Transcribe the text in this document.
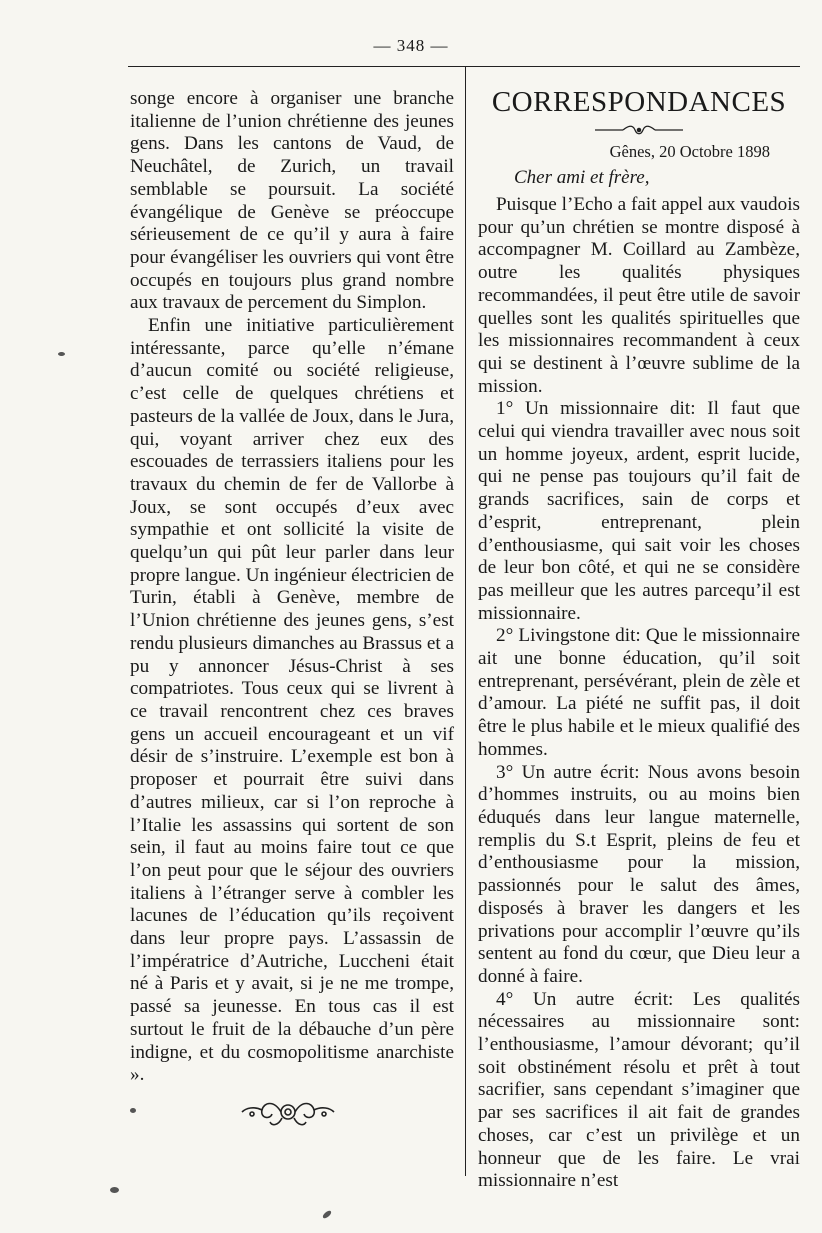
— 348 —

songe encore à organiser une branche italienne de l’union chrétienne des jeunes gens. Dans les cantons de Vaud, de Neuchâtel, de Zurich, un travail semblable se poursuit. La société évangélique de Genève se préoccupe sérieusement de ce qu’il y aura à faire pour évangéliser les ouvriers qui vont être occupés en toujours plus grand nombre aux travaux de percement du Simplon.

Enfin une initiative particulièrement intéressante, parce qu’elle n’émane d’aucun comité ou société religieuse, c’est celle de quelques chrétiens et pasteurs de la vallée de Joux, dans le Jura, qui, voyant arriver chez eux des escouades de terrassiers italiens pour les travaux du chemin de fer de Vallorbe à Joux, se sont occupés d’eux avec sympathie et ont sollicité la visite de quelqu’un qui pût leur parler dans leur propre langue. Un ingénieur électricien de Turin, établi à Genève, membre de l’Union chrétienne des jeunes gens, s’est rendu plusieurs dimanches au Brassus et a pu y annoncer Jésus-Christ à ses compatriotes. Tous ceux qui se livrent à ce travail rencontrent chez ces braves gens un accueil encourageant et un vif désir de s’instruire. L’exemple est bon à proposer et pourrait être suivi dans d’autres milieux, car si l’on reproche à l’Italie les assassins qui sortent de son sein, il faut au moins faire tout ce que l’on peut pour que le séjour des ouvriers italiens à l’étranger serve à combler les lacunes de l’éducation qu’ils reçoivent dans leur propre pays. L’assassin de l’impératrice d’Autriche, Luccheni était né à Paris et y avait, si je ne me trompe, passé sa jeunesse. En tous cas il est surtout le fruit de la débauche d’un père indigne, et du cosmopolitisme anarchiste ».

CORRESPONDANCES

Gênes, 20 Octobre 1898

Cher ami et frère,

Puisque l’Echo a fait appel aux vaudois pour qu’un chrétien se montre disposé à accompagner M. Coillard au Zambèze, outre les qualités physiques recommandées, il peut être utile de savoir quelles sont les qualités spirituelles que les missionnaires recommandent à ceux qui se destinent à l’œuvre sublime de la mission.

1° Un missionnaire dit: Il faut que celui qui viendra travailler avec nous soit un homme joyeux, ardent, esprit lucide, qui ne pense pas toujours qu’il fait de grands sacrifices, sain de corps et d’esprit, entreprenant, plein d’enthousiasme, qui sait voir les choses de leur bon côté, et qui ne se considère pas meilleur que les autres parcequ’il est missionnaire.

2° Livingstone dit: Que le missionnaire ait une bonne éducation, qu’il soit entreprenant, persévérant, plein de zèle et d’amour. La piété ne suffit pas, il doit être le plus habile et le mieux qualifié des hommes.

3° Un autre écrit: Nous avons besoin d’hommes instruits, ou au moins bien éduqués dans leur langue maternelle, remplis du S.t Esprit, pleins de feu et d’enthousiasme pour la mission, passionnés pour le salut des âmes, disposés à braver les dangers et les privations pour accomplir l’œuvre qu’ils sentent au fond du cœur, que Dieu leur a donné à faire.

4° Un autre écrit: Les qualités nécessaires au missionnaire sont: l’enthousiasme, l’amour dévorant; qu’il soit obstinément résolu et prêt à tout sacrifier, sans cependant s’imaginer que par ses sacrifices il ait fait de grandes choses, car c’est un privilège et un honneur que de les faire. Le vrai missionnaire n’est
